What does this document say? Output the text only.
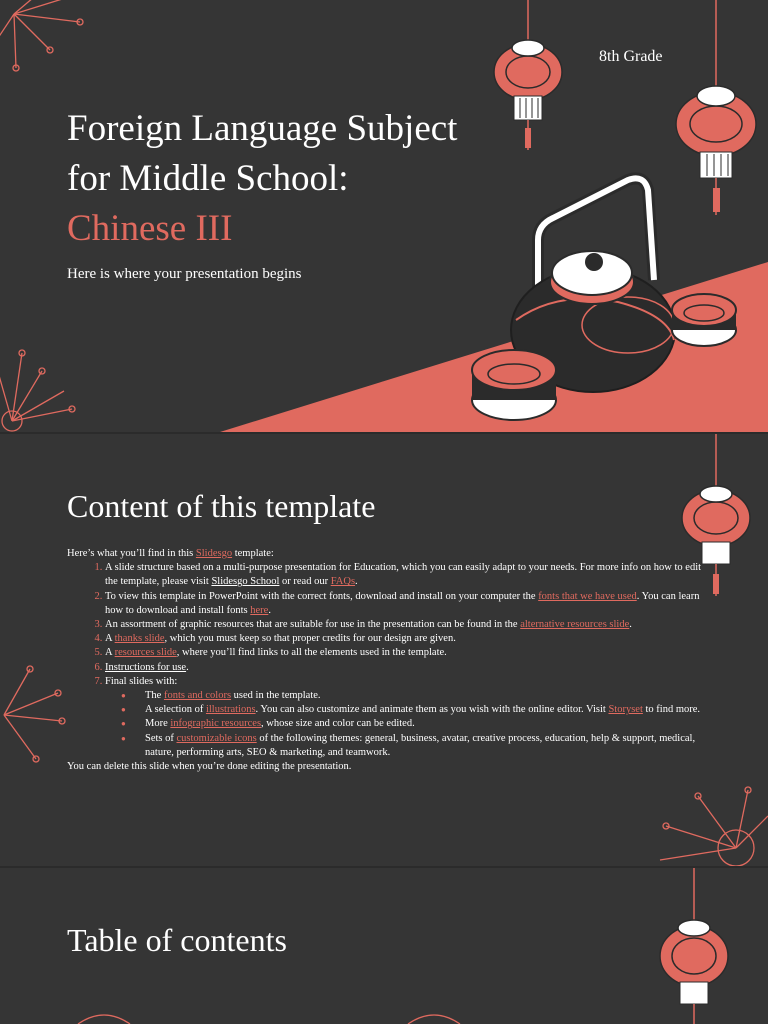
8th Grade
Foreign Language Subject
for Middle School:
Chinese III
Here is where your presentation begins
Content of this template
Here’s what you’ll find in this Slidesgo template:
1. A slide structure based on a multi-purpose presentation for Education, which you can easily adapt to your needs. For more info on how to edit the template, please visit Slidesgo School or read our FAQs.
2. To view this template in PowerPoint with the correct fonts, download and install on your computer the fonts that we have used. You can learn how to download and install fonts here.
3. An assortment of graphic resources that are suitable for use in the presentation can be found in the alternative resources slide.
4. A thanks slide, which you must keep so that proper credits for our design are given.
5. A resources slide, where you’ll find links to all the elements used in the template.
6. Instructions for use.
7. Final slides with:
● The fonts and colors used in the template.
● A selection of illustrations. You can also customize and animate them as you wish with the online editor. Visit Storyset to find more.
● More infographic resources, whose size and color can be edited.
● Sets of customizable icons of the following themes: general, business, avatar, creative process, education, help & support, medical, nature, performing arts, SEO & marketing, and teamwork.
You can delete this slide when you’re done editing the presentation.
Table of contents
